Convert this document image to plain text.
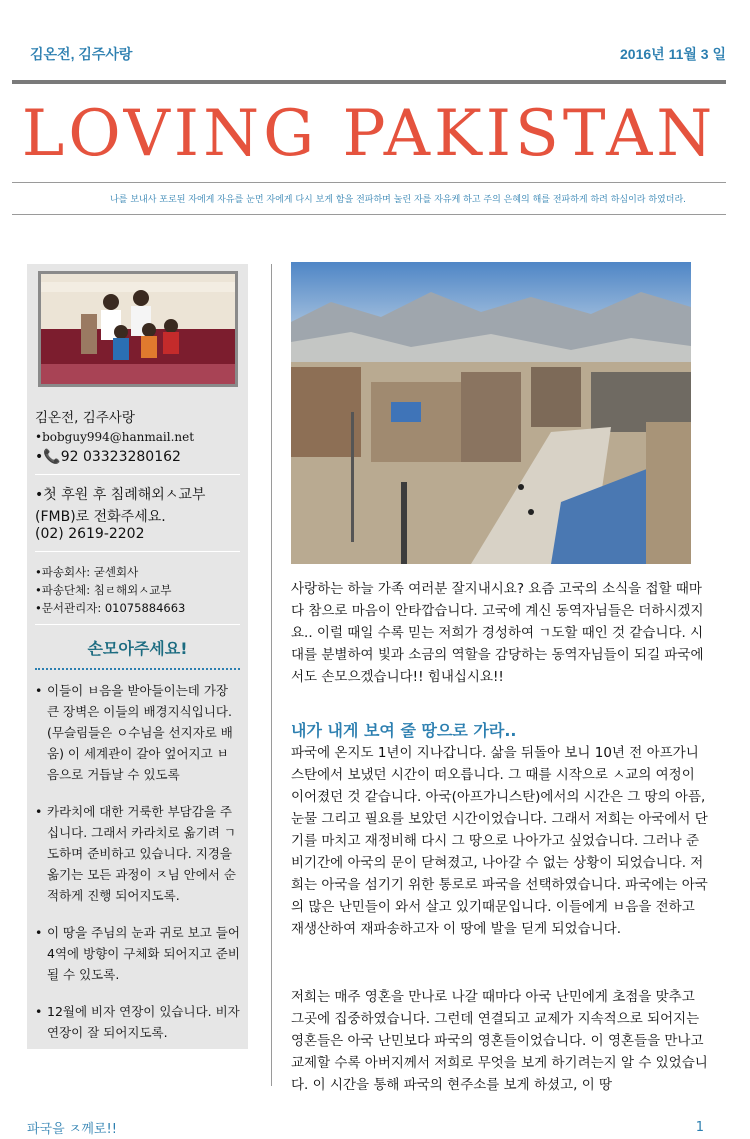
김온전, 김주사랑	2016년 11월 3 일
LOVING PAKISTAN
나를 보내사 포로된 자에게 자유를 눈먼 자에게 다시 보게 함을 전파하며 눌린 자를 자유케 하고 주의 은혜의 해를 전파하게 하려 하심이라 하였더라.
김온전, 김주사랑
•bobguy994@hanmail.net
•📞92 03323280162
•첫 후원 후 침례해외ㅅ교부 (FMB)로 전화주세요.
(02) 2619-2202
•파송회사: 굳센회사
•파송단체: 침ㄹ해외ㅅ교부
•문서관리자: 01075884663
손모아주세요!
• 이들이 ㅂ음을 받아들이는데 가장 큰 장벽은 이들의 배경지식입니다. (무슬림들은 ㅇ수님을 선지자로 배움) 이 세계관이 갈아 엎어지고 ㅂ음으로 거듭날 수 있도록
• 카라치에 대한 거룩한 부담감을 주십니다. 그래서 카라치로 옮기려 ㄱ도하며 준비하고 있습니다. 지경을 옮기는 모든 과정이 ㅈ님 안에서 순적하게 진행 되어지도록.
• 이 땅을 주님의 눈과 귀로 보고 들어 4역에 방향이 구체화 되어지고 준비 될 수 있도록.
• 12월에 비자 연장이 있습니다. 비자 연장이 잘 되어지도록.
사랑하는 하늘 가족 여러분 잘지내시요? 요즘 고국의 소식을 접할 때마다 참으로 마음이 안타깝습니다. 고국에 계신 동역자님들은 더하시겠지요.. 이럴 때일 수록 믿는 저희가 경성하여 ㄱ도할 때인 것 같습니다. 시대를 분별하여 빛과 소금의 역할을 감당하는 동역자님들이 되길 파국에서도 손모으겠습니다!! 힘내십시요!!
내가 내게 보여 줄 땅으로 가라..
파국에 온지도 1년이 지나갑니다. 삶을 뒤돌아 보니 10년 전 아프가니스탄에서 보냈던 시간이 떠오릅니다. 그 때를 시작으로 ㅅ교의 여정이 이어졌던 것 같습니다. 아국(아프가니스탄)에서의 시간은 그 땅의 아픔, 눈물 그리고 필요를 보았던 시간이었습니다. 그래서 저희는 아국에서 단기를 마치고 재정비해 다시 그 땅으로 나아가고 싶었습니다. 그러나 준비기간에 아국의 문이 닫혀졌고, 나아갈 수 없는 상황이 되었습니다. 저희는 아국을 섬기기 위한 통로로 파국을 선택하였습니다. 파국에는 아국의 많은 난민들이 와서 살고 있기때문입니다. 이들에게 ㅂ음을 전하고 재생산하여 재파송하고자 이 땅에 발을 딛게 되었습니다.
저희는 매주 영혼을 만나로 나갈 때마다 아국 난민에게 초점을 맞추고 그곳에 집중하였습니다. 그런데 연결되고 교제가 지속적으로 되어지는 영혼들은 아국 난민보다 파국의 영혼들이었습니다. 이 영혼들을 만나고 교제할 수록 아버지께서 저희로 무엇을 보게 하기려는지 알 수 있었습니다. 이 시간을 통해 파국의 현주소를 보게 하셨고, 이 땅
파국을 ㅈ께로!!	1
